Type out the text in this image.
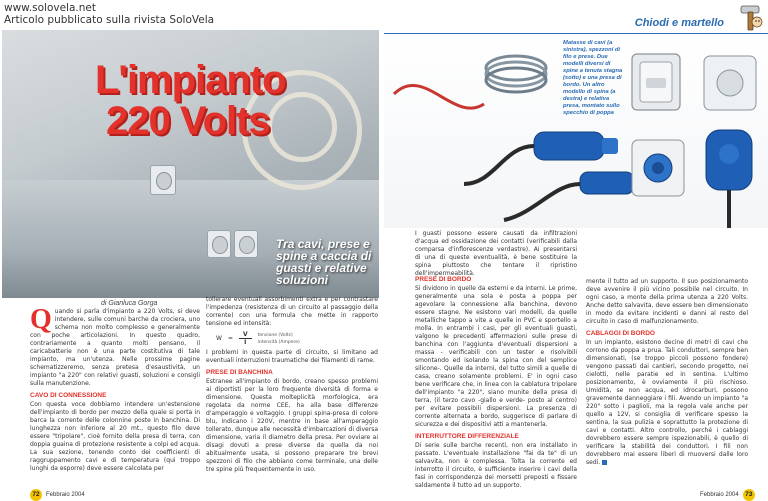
www.solovela.net
Articolo pubblicato sulla rivista SoloVela
L'impianto
220 Volts
Tra cavi, prese e spine a caccia di guasti e relative soluzioni
di Gianluca Gorga
Q uando si parla d'impianto a 220 Volts, si deve intendere, sulle comuni barche da crociera, uno schema non molto complesso e generalmente con poche articolazioni. In questo quadro, contrariamente a quanto molti pensano, il caricabatterie non è una parte costitutiva di tale impianto, ma un'utenza. Nelle prossime pagine schematizzeremo, senza pretesa d'esaustività, un impianto "a 220" con relativi guasti, soluzioni e consigli sulla manutenzione.

CAVO DI CONNESSIONE

Con questa voce dobbiamo intendere un'estensione dell'impianto di bordo per mezzo della quale si porta in barca la corrente delle colonnine poste in banchina. Di lunghezza non inferiore al 20 mt., questo filo deve essere "tripolare", cioè fornito della presa di terra, con doppia guaina di protezione resistente a colpi ed acqua. La sua sezione, tenendo conto dei coefficienti di raggruppamento cavi e di temperatura (qui troppo lunghi da esporre) deve essere calcolata per

tollerare eventuali assorbimenti extra e per contrastare l'impedenza (resistenza di un circuito al passaggio della corrente) con una formula che mette in rapporto tensione ed intensità:

$W = \frac{V}{I}$ tensione (Volts)
intensità (Ampere)

I problemi in questa parte di circuito, si limitano ad eventuali interruzioni traumatiche dei filamenti di rame.

PRESE DI BANCHINA

Estranee all'impianto di bordo, creano spesso problemi ai diportisti per la loro frequente diversità di forma e dimensione. Questa molteplicità morfologica, era regolata da norme CEE, ha alla base differenze d'amperaggio e voltaggio. I gruppi spina-presa di colore blu, indicano i 220V, mentre in base all'amperaggio tollerato, dunque alle necessità d'imbarcazioni di diversa dimensione, varia il diametro della presa. Per ovviare ai disagi dovuti a prese diverse da quella da noi abitualmente usata, si possono preparare tre brevi spezzoni di filo che abbiano come terminale, una delle tre spine più frequentemente in uso.

72	Febbraio 2004
Chiodi e martello
Matasse di cavi (a sinistra), spezzoni di filo e prese. Due modelli diversi di spine a tenuta stagna (sotto) e una presa di bordo. Un altro modello di spina (a destra) e relativa presa, montato sullo specchio di poppa

I guasti possono essere causati da infiltrazioni d'acqua ed ossidazione dei contatti (verificabili dalla comparsa d'inflorescenze verdastre). Ai presentarsi di una di queste eventualità, è bene sostituire la spina piuttosto che tentare il ripristino dell'impermeabilità.

PRESE DI BORDO

Si dividono in quelle da esterni e da interni. Le prime, generalmente una sola e posta a poppa per agevolare la connessione alla banchina, devono essere stagne. Ne esistono vari modelli, da quelle metalliche tappo a vite a quelle in PVC e sportello a molla. In entrambi i casi, per gli eventuali guasti, valgono le precedenti affermazioni sulle prese di banchina con l'aggiunta d'eventuali dispersioni a massa - verificabili con un tester e risolvibili smontando ed isolando la spina con del semplice silicone-. Quelle da interni, del tutto simili a quelle di casa, creano solamente problemi. E' in ogni caso bene verificare che, in linea con la cablatura tripolare dell'impianto "a 220", siano munite della presa di terra, (il terzo cavo -giallo e verde- posto al centro) per evitare possibili dispersioni. La presenza di corrente alternata a bordo, suggerisce di parlare di sicurezza e dei dispositivi atti a mantenerla.

INTERRUTTORE DIFFERENZIALE

Di serie sulle barche recenti, non era installato in passato. L'eventuale installazione "fai da te" di un salvavita, non è complessa. Tolta la corrente ed interrotto il circuito, è sufficiente inserire i cavi della fasi in corrispondenza dei morsetti preposti e fissare saldamente il tutto ad un supporto.

mente il tutto ad un supporto. Il suo posizionamento deve avvenire il più vicino possibile nel circuito. In ogni caso, a monte della prima utenza a 220 Volts. Anche detto salvavita, deve essere ben dimensionato in modo da evitare incidenti e danni al resto del circuito in caso di malfunzionamento.

CABLAGGI DI BORDO

In un impianto, esistono decine di metri di cavi che corrono da poppa a prua. Tali conduttori, sempre ben dimensionati, (se troppo piccoli possono fondere) vengono passati dai cantieri, secondo progetto, nei cielotti, nelle paratie ed in sentina. L'ultimo posizionamento, è ovviamente il più rischioso. Umidità, se non acqua, ed idrocarburi, possono gravemente danneggiare i fili. Avendo un impianto "a 220" sotto i paglioli, ma la regola vale anche per quello a 12V, si consiglia di verificare spesso la sentina, la sua pulizia e soprattutto la protezione di cavi e contatti. Altro controllo, perché i cablaggi dovrebbero essere sempre ispezionabili, è quello di verificare la stabilità dei conduttori. I fili non dovrebbero mai essere liberi di muoversi dalle loro sedi.

Febbraio 2004 73
